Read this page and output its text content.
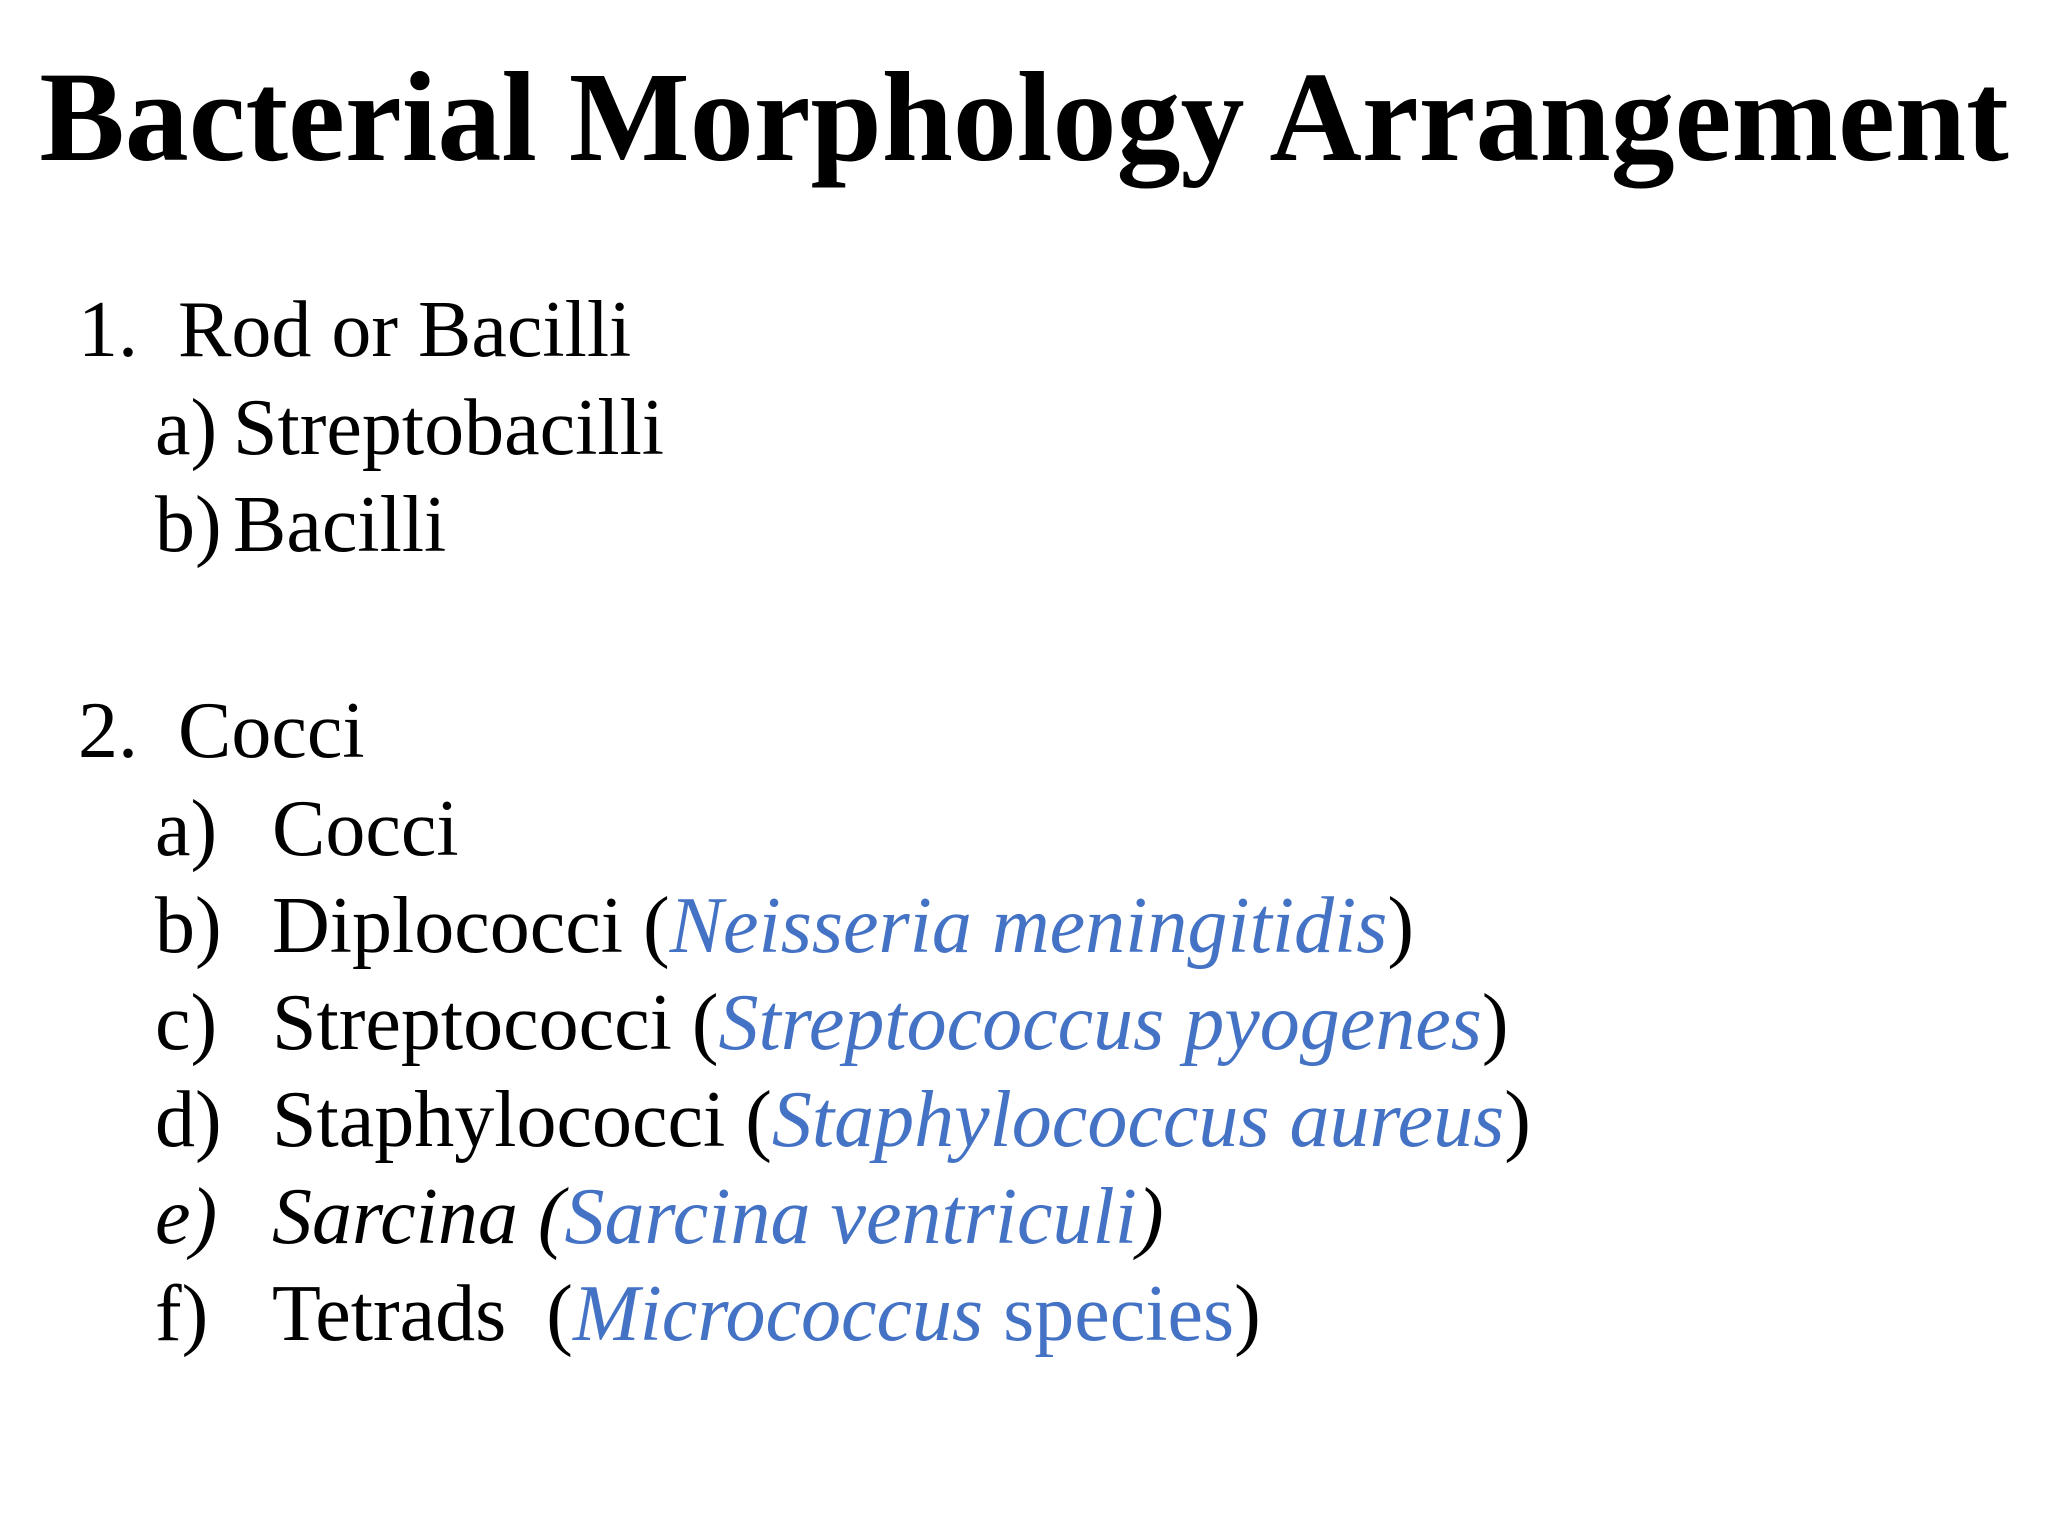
Bacterial Morphology Arrangement
1. Rod or Bacilli
a) Streptobacilli
b) Bacilli
2. Cocci
a) Cocci
b) Diplococci (Neisseria meningitidis)
c) Streptococci (Streptococcus pyogenes)
d) Staphylococci (Staphylococcus aureus)
e) Sarcina (Sarcina ventriculi)
f) Tetrads  (Micrococcus species)
